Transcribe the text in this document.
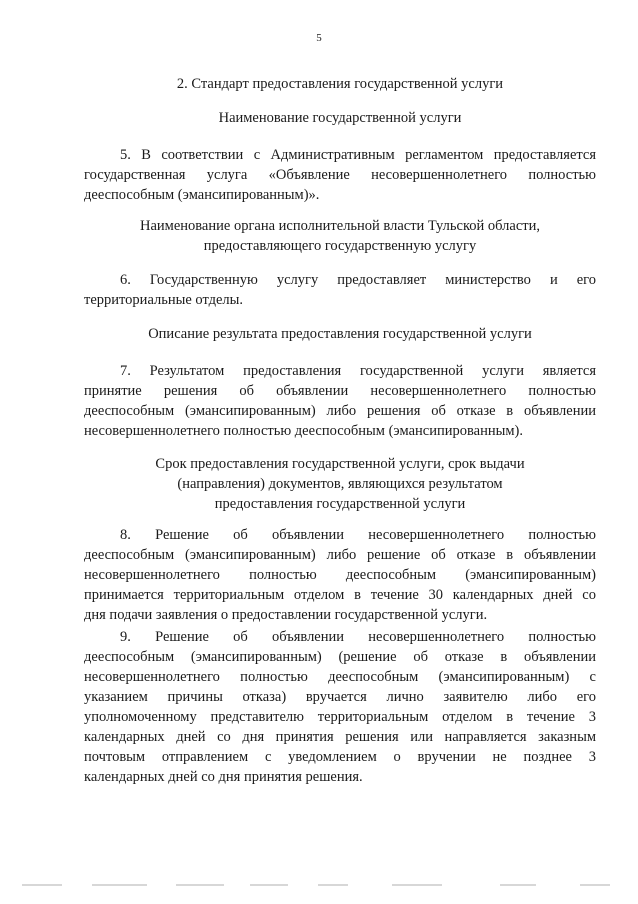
5
2. Стандарт предоставления государственной услуги
Наименование государственной услуги
5. В соответствии с Административным регламентом предоставляется
государственная услуга «Объявление несовершеннолетнего полностью
дееспособным (эмансипированным)».
Наименование органа исполнительной власти Тульской области,
предоставляющего государственную услугу
6. Государственную услугу предоставляет министерство и его
территориальные отделы.
Описание результата предоставления государственной услуги
7. Результатом предоставления государственной услуги является
принятие решения об объявлении несовершеннолетнего полностью
дееспособным (эмансипированным) либо решения об отказе в объявлении
несовершеннолетнего полностью дееспособным (эмансипированным).
Срок предоставления государственной услуги, срок выдачи
(направления) документов, являющихся результатом
предоставления государственной услуги
8. Решение об объявлении несовершеннолетнего полностью
дееспособным (эмансипированным) либо решение об отказе в объявлении
несовершеннолетнего полностью дееспособным (эмансипированным)
принимается территориальным отделом в течение 30 календарных дней со
дня подачи заявления о предоставлении государственной услуги.
9. Решение об объявлении несовершеннолетнего полностью
дееспособным (эмансипированным) (решение об отказе в объявлении
несовершеннолетнего полностью дееспособным (эмансипированным) с
указанием причины отказа) вручается лично заявителю либо его
уполномоченному представителю территориальным отделом в течение 3
календарных дней со дня принятия решения или направляется заказным
почтовым отправлением с уведомлением о вручении не позднее 3
календарных дней со дня принятия решения.
